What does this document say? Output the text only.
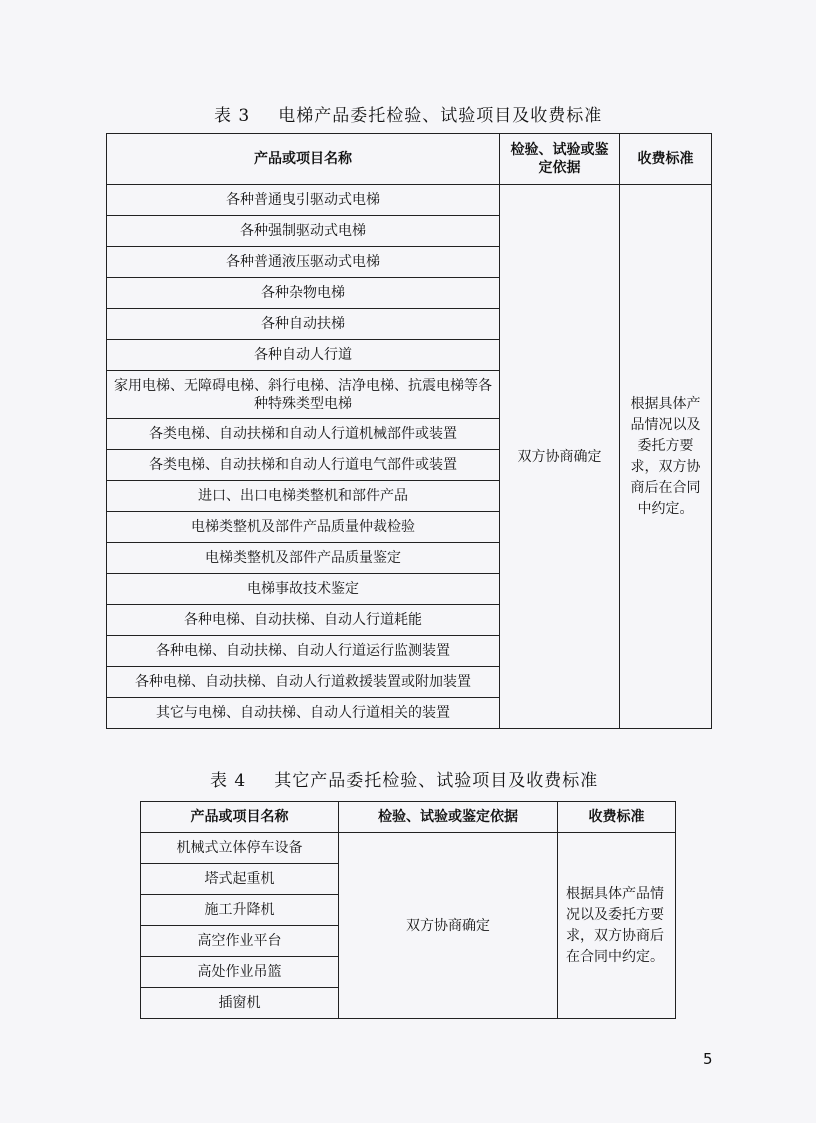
表 3 电梯产品委托检验、试验项目及收费标准
产品或项目名称	检验、试验或鉴定依据	收费标准
各种普通曳引驱动式电梯	双方协商确定	根据具体产品情况以及委托方要求，双方协商后在合同中约定。
各种强制驱动式电梯		
各种普通液压驱动式电梯		
各种杂物电梯		
各种自动扶梯		
各种自动人行道		
家用电梯、无障碍电梯、斜行电梯、洁净电梯、抗震电梯等各种特殊类型电梯		
各类电梯、自动扶梯和自动人行道机械部件或装置		
各类电梯、自动扶梯和自动人行道电气部件或装置		
进口、出口电梯类整机和部件产品		
电梯类整机及部件产品质量仲裁检验		
电梯类整机及部件产品质量鉴定		
电梯事故技术鉴定		
各种电梯、自动扶梯、自动人行道耗能		
各种电梯、自动扶梯、自动人行道运行监测装置		
各种电梯、自动扶梯、自动人行道救援装置或附加装置		
其它与电梯、自动扶梯、自动人行道相关的装置		
表 4 其它产品委托检验、试验项目及收费标准
产品或项目名称	检验、试验或鉴定依据	收费标准
机械式立体停车设备	双方协商确定	根据具体产品情况以及委托方要求，双方协商后在合同中约定。
塔式起重机		
施工升降机		
高空作业平台		
高处作业吊篮		
插窗机		
5
